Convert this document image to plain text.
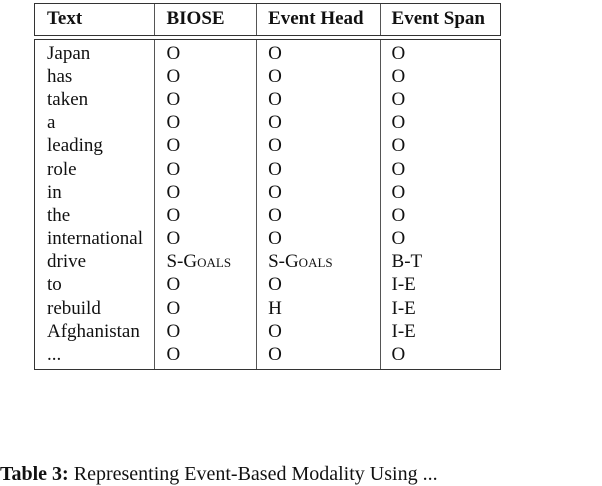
Text	BIOSE	Event Head	Event Span
Japan	O	O	O
has	O	O	O
taken	O	O	O
a	O	O	O
leading	O	O	O
role	O	O	O
in	O	O	O
the	O	O	O
international	O	O	O
drive	S-Goals	S-Goals	B-T
to	O	O	I-E
rebuild	O	H	I-E
Afghanistan	O	O	I-E
...	O	O	O
Table 3: Representing Event-Based Modality Using ...
